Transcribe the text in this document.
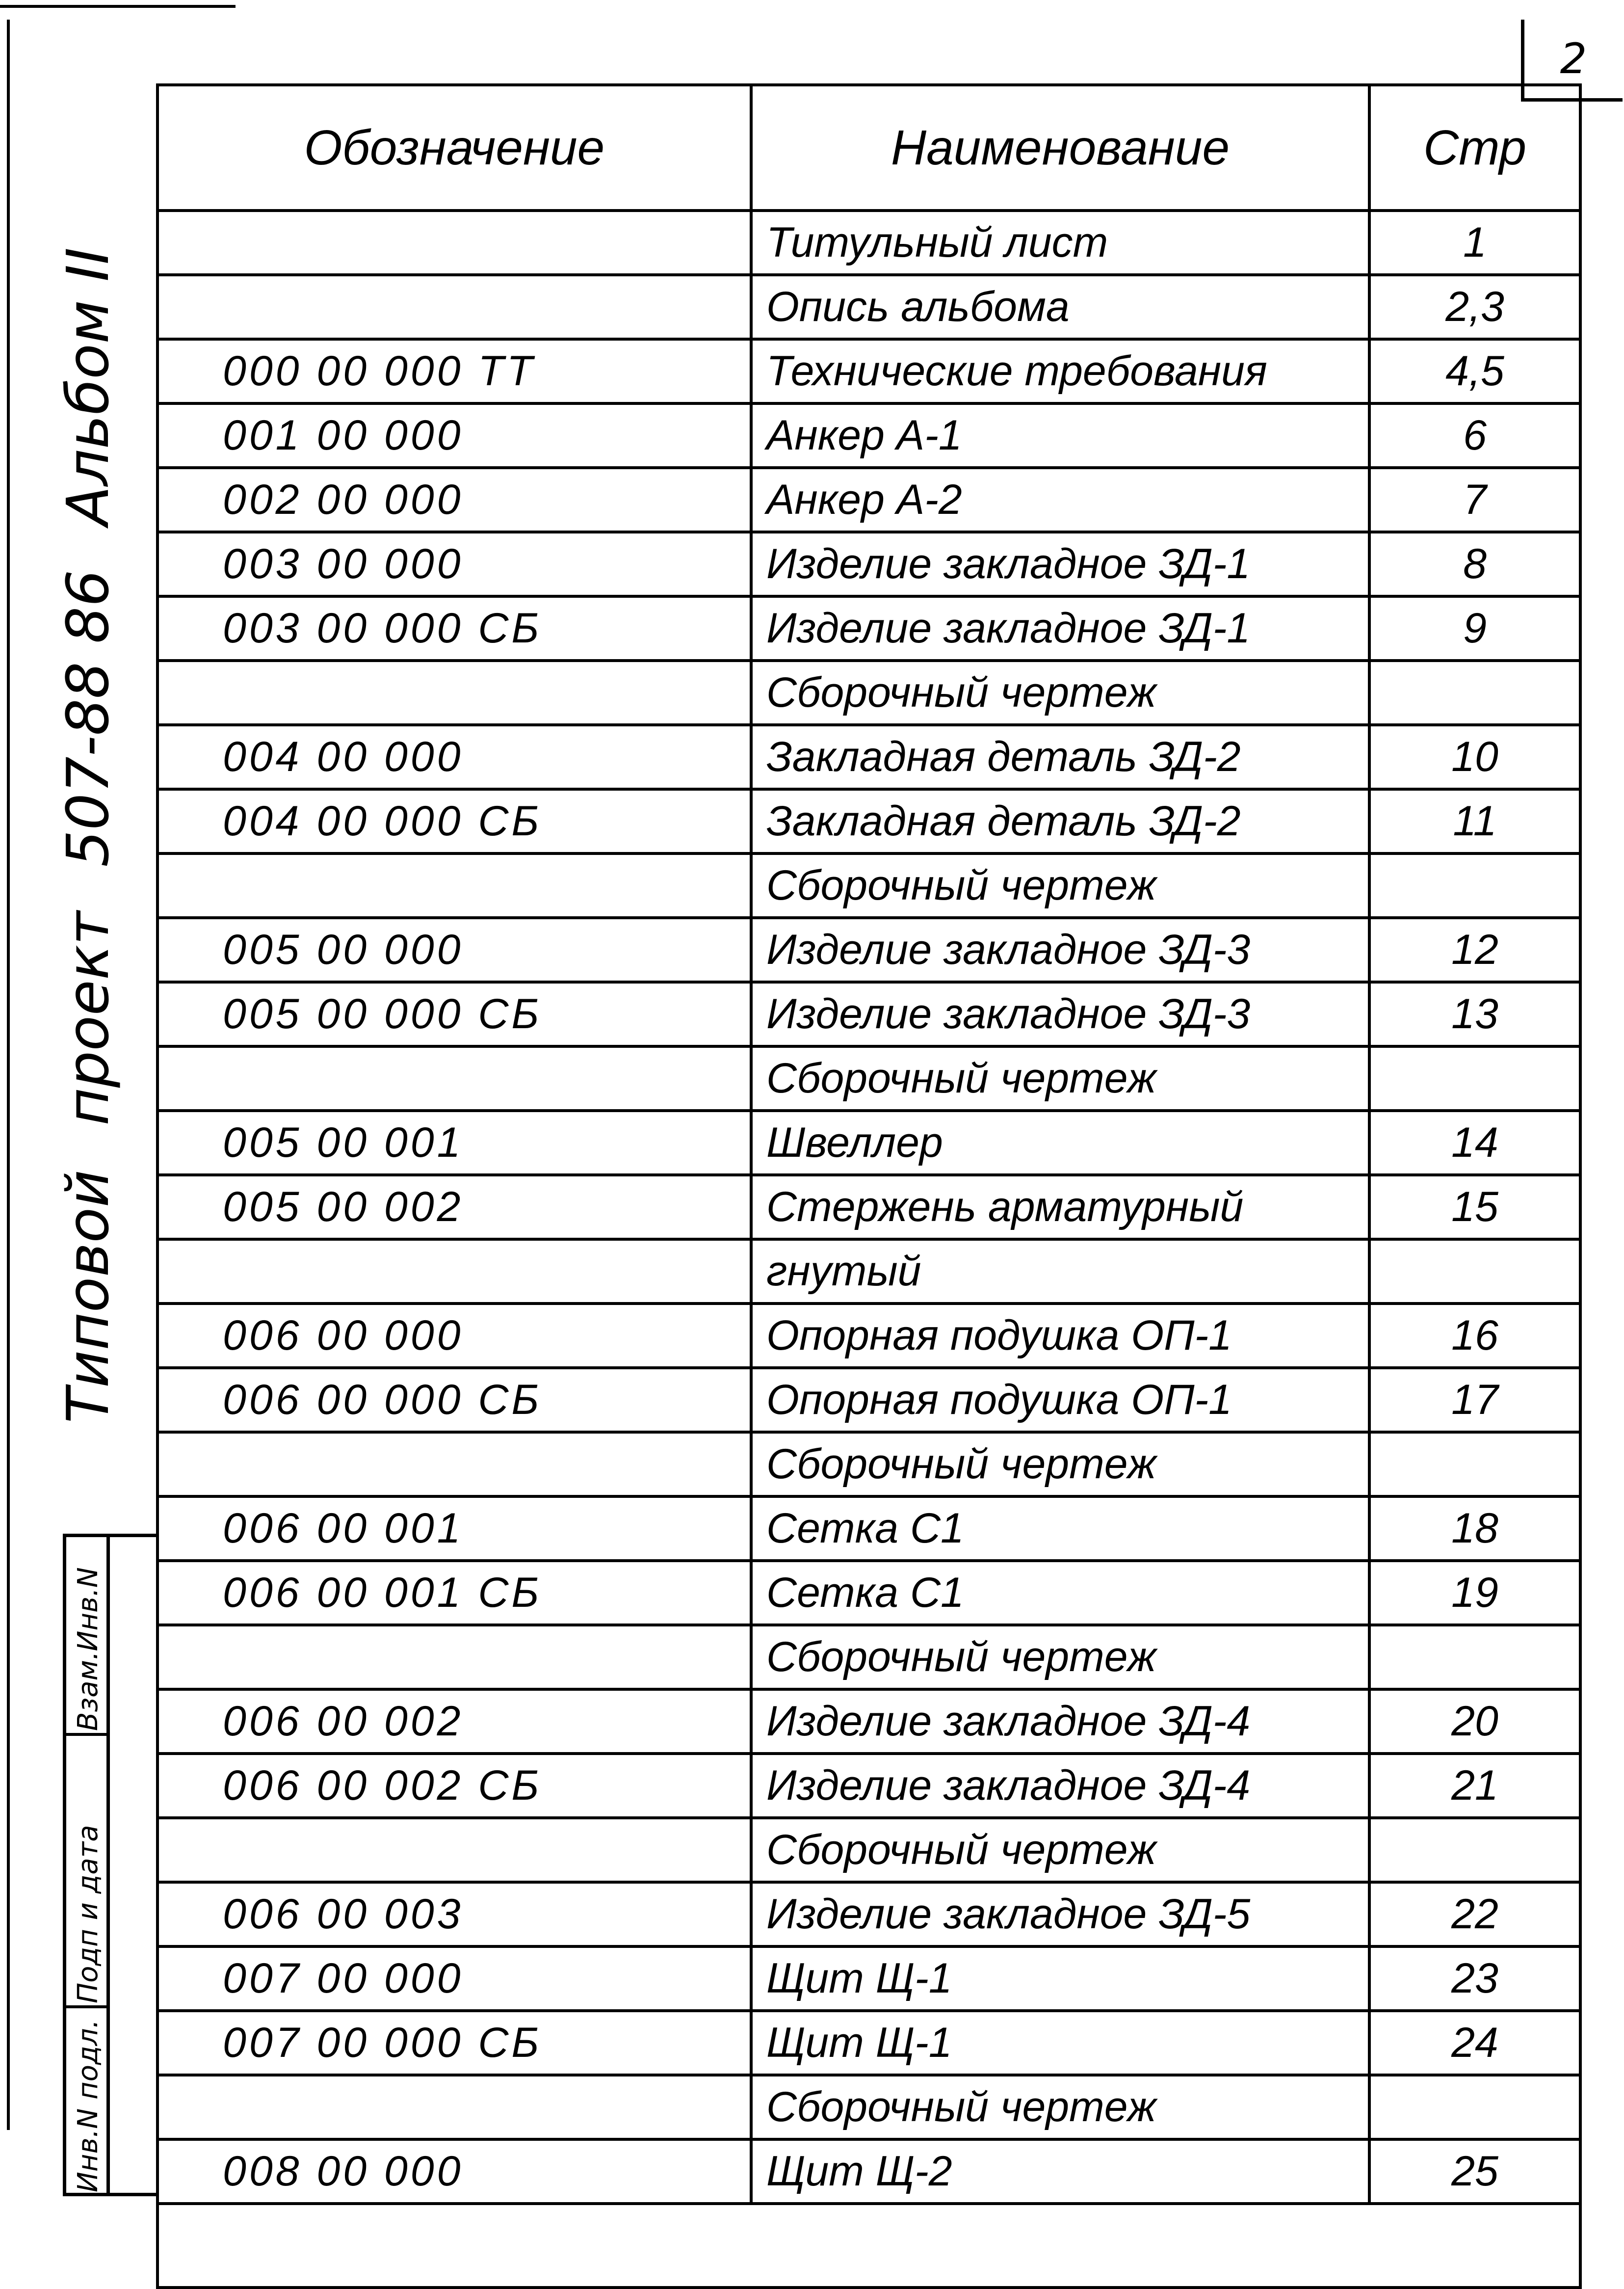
2
Типовой
проект
507-88 86
Альбом II
Взам.Инв.N
Подп и дата
Инв.N подл.
Обозначение	Наименование	Стр
	Титульный лист	1
	Опись альбома	2,3
000 00 000 ТТ	Технические требования	4,5
001 00 000	Анкер А-1	6
002 00 000	Анкер А-2	7
003 00 000	Изделие закладное ЗД-1	8
003 00 000 СБ	Изделие закладное ЗД-1	9
	Сборочный чертеж	
004 00 000	Закладная деталь ЗД-2	10
004 00 000 СБ	Закладная деталь ЗД-2	11
	Сборочный чертеж	
005 00 000	Изделие закладное ЗД-3	12
005 00 000 СБ	Изделие закладное ЗД-3	13
	Сборочный чертеж	
005 00 001	Швеллер	14
005 00 002	Стержень арматурный	15
	гнутый	
006 00 000	Опорная подушка ОП-1	16
006 00 000 СБ	Опорная подушка ОП-1	17
	Сборочный чертеж	
006 00 001	Сетка С1	18
006 00 001 СБ	Сетка С1	19
	Сборочный чертеж	
006 00 002	Изделие закладное ЗД-4	20
006 00 002 СБ	Изделие закладное ЗД-4	21
	Сборочный чертеж	
006 00 003	Изделие закладное ЗД-5	22
007 00 000	Щит Щ-1	23
007 00 000 СБ	Щит Щ-1	24
	Сборочный чертеж	
008 00 000	Щит Щ-2	25
